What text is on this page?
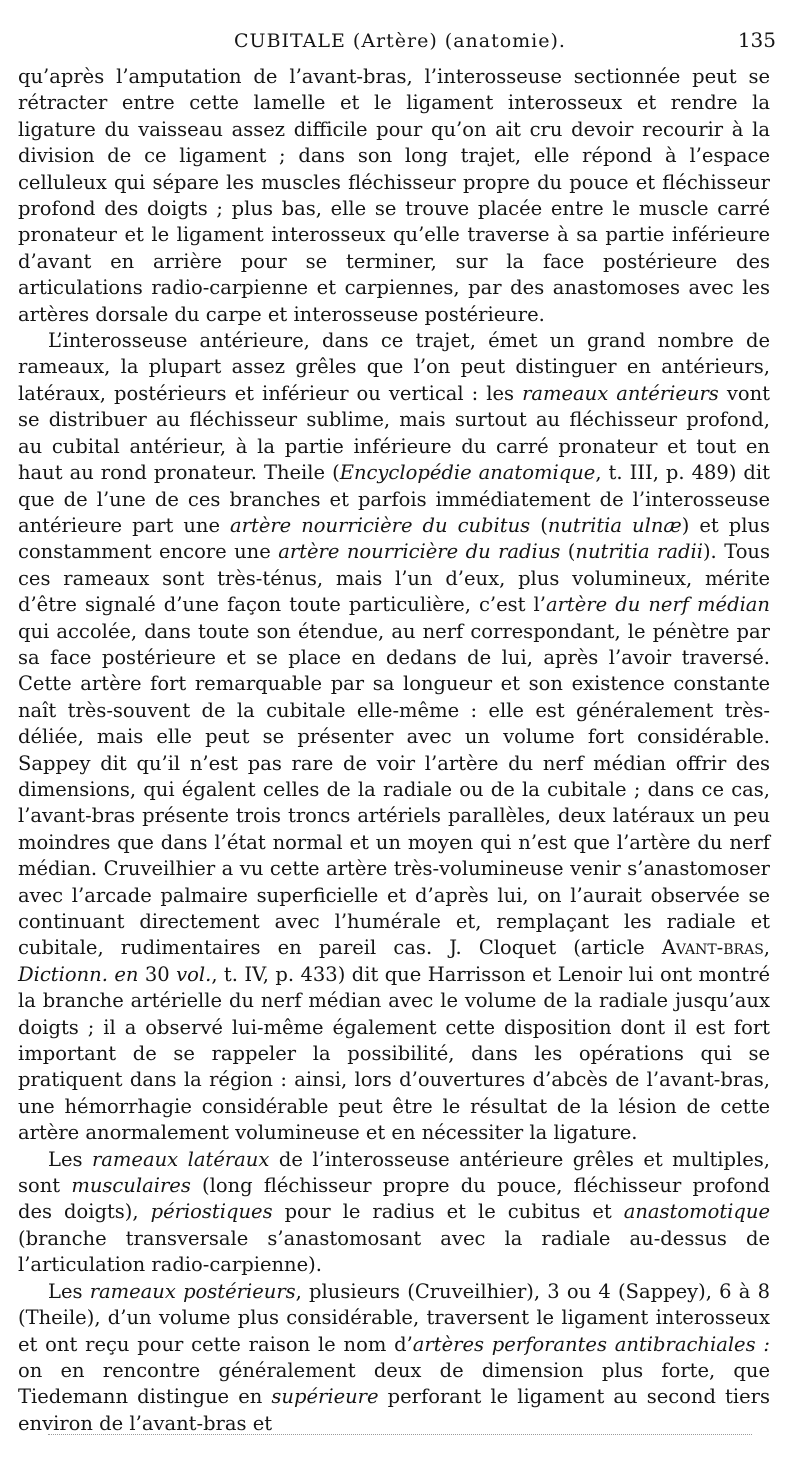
CUBITALE (Artère) (anatomie).	135

qu’après l’amputation de l’avant-bras, l’interosseuse sectionnée peut se rétracter entre cette lamelle et le ligament interosseux et rendre la ligature du vaisseau assez difficile pour qu’on ait cru devoir recourir à la division de ce ligament ; dans son long trajet, elle répond à l’espace celluleux qui sépare les muscles fléchisseur propre du pouce et fléchisseur profond des doigts ; plus bas, elle se trouve placée entre le muscle carré pronateur et le ligament interosseux qu’elle traverse à sa partie inférieure d’avant en arrière pour se terminer, sur la face postérieure des articulations radio-carpienne et carpiennes, par des anastomoses avec les artères dorsale du carpe et interosseuse postérieure.

L’interosseuse antérieure, dans ce trajet, émet un grand nombre de rameaux, la plupart assez grêles que l’on peut distinguer en antérieurs, latéraux, postérieurs et inférieur ou vertical : les rameaux antérieurs vont se distribuer au fléchisseur sublime, mais surtout au fléchisseur profond, au cubital antérieur, à la partie inférieure du carré pronateur et tout en haut au rond pronateur. Theile (Encyclopédie anatomique, t. III, p. 489) dit que de l’une de ces branches et parfois immédiatement de l’interosseuse antérieure part une artère nourricière du cubitus (nutritia ulnæ) et plus constamment encore une artère nourricière du radius (nutritia radii). Tous ces rameaux sont très-ténus, mais l’un d’eux, plus volumineux, mérite d’être signalé d’une façon toute particulière, c’est l’artère du nerf médian qui accolée, dans toute son étendue, au nerf correspondant, le pénètre par sa face postérieure et se place en dedans de lui, après l’avoir traversé. Cette artère fort remarquable par sa longueur et son existence constante naît très-souvent de la cubitale elle-même : elle est généralement très-déliée, mais elle peut se présenter avec un volume fort considérable. Sappey dit qu’il n’est pas rare de voir l’artère du nerf médian offrir des dimensions, qui égalent celles de la radiale ou de la cubitale ; dans ce cas, l’avant-bras présente trois troncs artériels parallèles, deux latéraux un peu moindres que dans l’état normal et un moyen qui n’est que l’artère du nerf médian. Cruveilhier a vu cette artère très-volumineuse venir s’anastomoser avec l’arcade palmaire superficielle et d’après lui, on l’aurait observée se continuant directement avec l’humérale et, remplaçant les radiale et cubitale, rudimentaires en pareil cas. J. Cloquet (article Avant-bras, Dictionn. en 30 vol., t. IV, p. 433) dit que Harrisson et Lenoir lui ont montré la branche artérielle du nerf médian avec le volume de la radiale jusqu’aux doigts ; il a observé lui-même également cette disposition dont il est fort important de se rappeler la possibilité, dans les opérations qui se pratiquent dans la région : ainsi, lors d’ouvertures d’abcès de l’avant-bras, une hémorrhagie considérable peut être le résultat de la lésion de cette artère anormalement volumineuse et en nécessiter la ligature.

Les rameaux latéraux de l’interosseuse antérieure grêles et multiples, sont musculaires (long fléchisseur propre du pouce, fléchisseur profond des doigts), périostiques pour le radius et le cubitus et anastomotique (branche transversale s’anastomosant avec la radiale au-dessus de l’articulation radio-carpienne).

Les rameaux postérieurs, plusieurs (Cruveilhier), 3 ou 4 (Sappey), 6 à 8 (Theile), d’un volume plus considérable, traversent le ligament interosseux et ont reçu pour cette raison le nom d’artères perforantes antibrachiales : on en rencontre généralement deux de dimension plus forte, que Tiedemann distingue en supérieure perforant le ligament au second tiers environ de l’avant-bras et
